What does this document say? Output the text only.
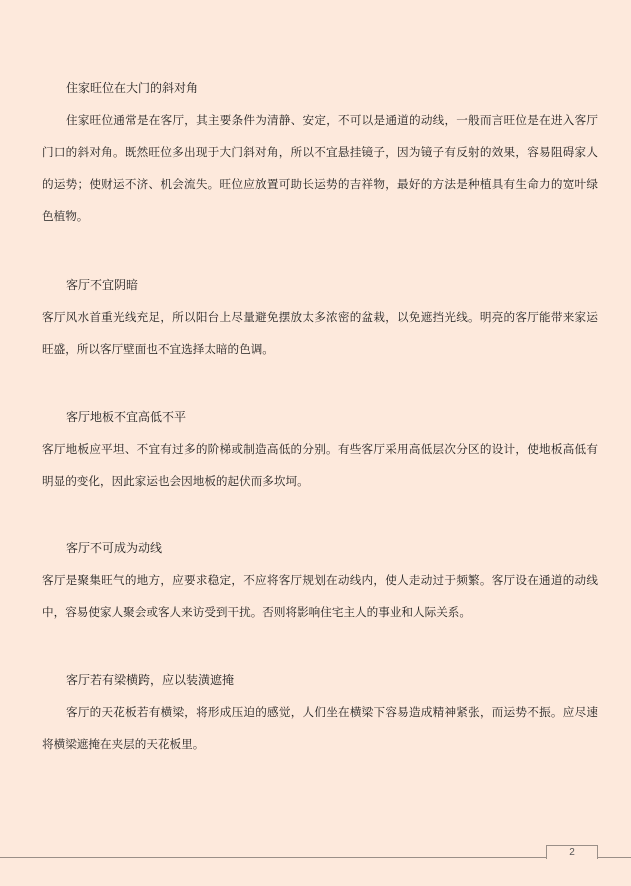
住家旺位在大门的斜对角

住家旺位通常是在客厅，其主要条件为清静、安定，不可以是通道的动线，一般而言旺位是在进入客厅门口的斜对角。既然旺位多出现于大门斜对角，所以不宜悬挂镜子，因为镜子有反射的效果，容易阻碍家人的运势；使财运不济、机会流失。旺位应放置可助长运势的吉祥物，最好的方法是种植具有生命力的宽叶绿色植物。

客厅不宜阴暗

客厅风水首重光线充足，所以阳台上尽量避免摆放太多浓密的盆栽，以免遮挡光线。明亮的客厅能带来家运旺盛，所以客厅壁面也不宜选择太暗的色调。

客厅地板不宜高低不平

客厅地板应平坦、不宜有过多的阶梯或制造高低的分别。有些客厅采用高低层次分区的设计，使地板高低有明显的变化，因此家运也会因地板的起伏而多坎坷。

客厅不可成为动线

客厅是聚集旺气的地方，应要求稳定，不应将客厅规划在动线内，使人走动过于频繁。客厅设在通道的动线中，容易使家人聚会或客人来访受到干扰。否则将影响住宅主人的事业和人际关系。

客厅若有梁横跨，应以装潢遮掩

客厅的天花板若有横梁，将形成压迫的感觉，人们坐在横梁下容易造成精神紧张，而运势不振。应尽速将横梁遮掩在夹层的天花板里。

2
